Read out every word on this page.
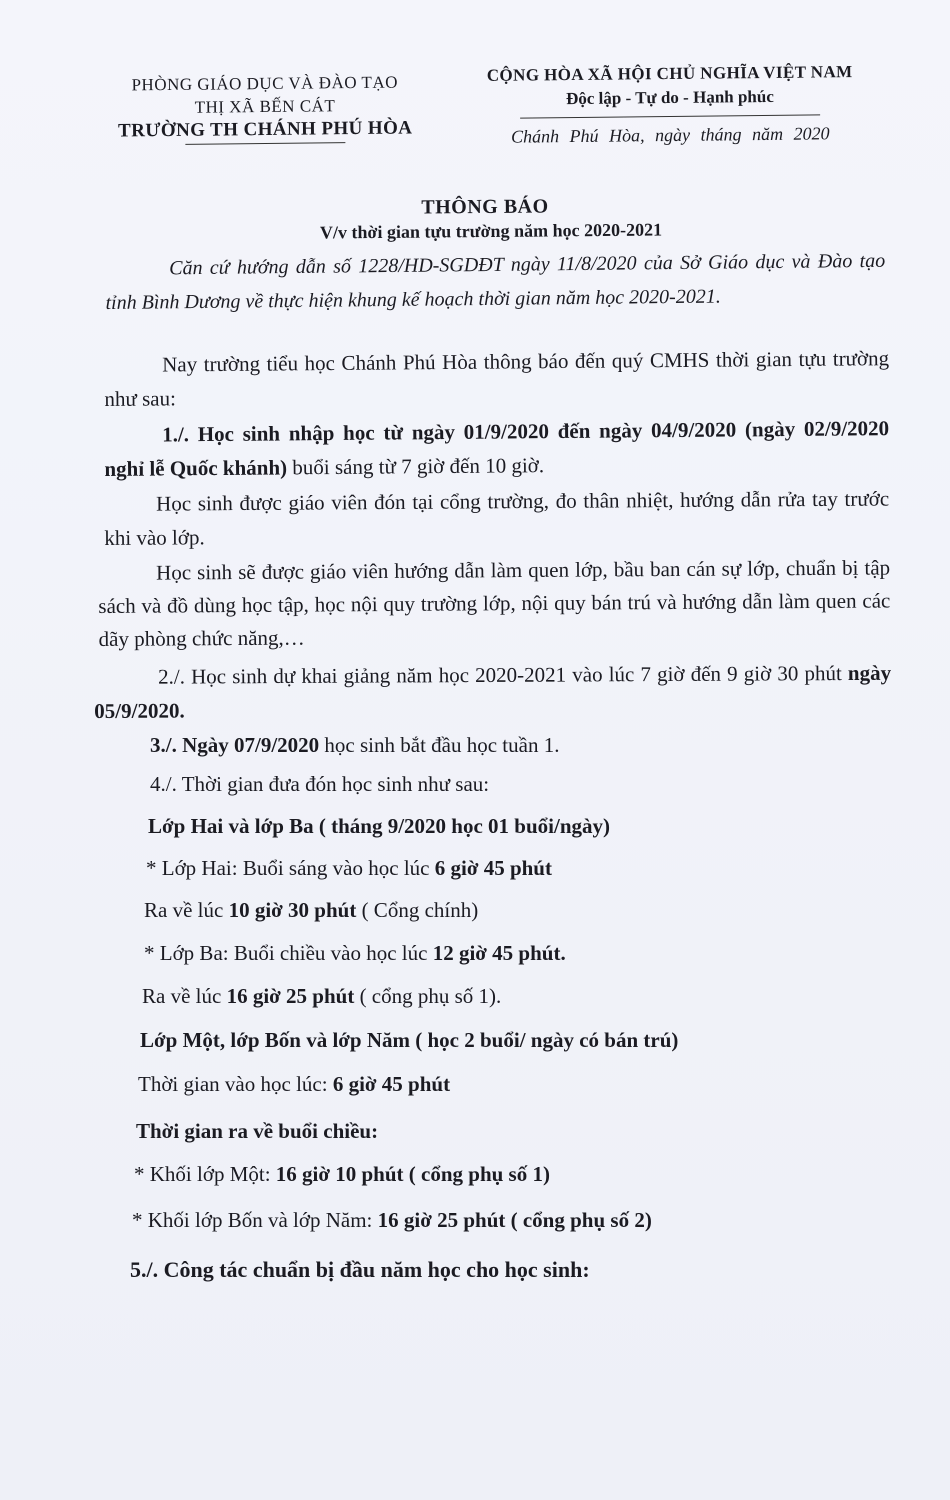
PHÒNG GIÁO DỤC VÀ ĐÀO TẠO
THỊ XÃ BẾN CÁT
TRƯỜNG TH CHÁNH PHÚ HÒA
CỘNG HÒA XÃ HỘI CHỦ NGHĨA VIỆT NAM
Độc lập - Tự do - Hạnh phúc
Chánh Phú Hòa, ngày tháng năm 2020
THÔNG BÁO
V/v thời gian tựu trường năm học 2020-2021
Căn cứ hướng dẫn số 1228/HD-SGDĐT ngày 11/8/2020 của Sở Giáo dục và Đào tạo tỉnh Bình Dương về thực hiện khung kế hoạch thời gian năm học 2020-2021.
Nay trường tiểu học Chánh Phú Hòa thông báo đến quý CMHS thời gian tựu trường như sau:
1./. Học sinh nhập học từ ngày 01/9/2020 đến ngày 04/9/2020 (ngày 02/9/2020 nghỉ lễ Quốc khánh) buổi sáng từ 7 giờ đến 10 giờ.
Học sinh được giáo viên đón tại cổng trường, đo thân nhiệt, hướng dẫn rửa tay trước khi vào lớp.
Học sinh sẽ được giáo viên hướng dẫn làm quen lớp, bầu ban cán sự lớp, chuẩn bị tập sách và đồ dùng học tập, học nội quy trường lớp, nội quy bán trú và hướng dẫn làm quen các dãy phòng chức năng,…
2./. Học sinh dự khai giảng năm học 2020-2021 vào lúc 7 giờ đến 9 giờ 30 phút ngày 05/9/2020.
3./. Ngày 07/9/2020 học sinh bắt đầu học tuần 1.
4./. Thời gian đưa đón học sinh như sau:
Lớp Hai và lớp Ba ( tháng 9/2020 học 01 buổi/ngày)
* Lớp Hai: Buổi sáng vào học lúc 6 giờ 45 phút
Ra về lúc 10 giờ 30 phút ( Cổng chính)
* Lớp Ba: Buổi chiều vào học lúc 12 giờ 45 phút.
Ra về lúc 16 giờ 25 phút ( cổng phụ số 1).
Lớp Một, lớp Bốn và lớp Năm ( học 2 buổi/ ngày có bán trú)
Thời gian vào học lúc: 6 giờ 45 phút
Thời gian ra về buổi chiều:
* Khối lớp Một: 16 giờ 10 phút ( cổng phụ số 1)
* Khối lớp Bốn và lớp Năm: 16 giờ 25 phút ( cổng phụ số 2)
5./. Công tác chuẩn bị đầu năm học cho học sinh:
